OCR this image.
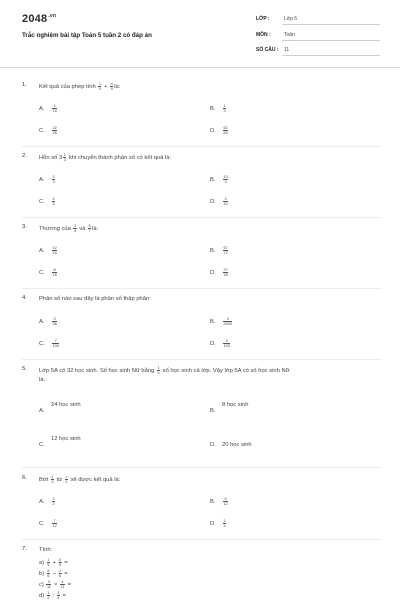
$2048^{.vn}$
Trắc nghiệm bài tập Toán 5 tuần 2 có đáp án
LỚP :	Lớp 5
MÔN :	Toán
SỐ CÂU : 11
1. Kết quả của phép tính $\frac{1}{3} + \frac{4}{9}$ là:
A. $\frac{4}{16}$	B. $\frac{1}{3}$
C. $\frac{22}{26}$	D. $\frac{61}{63}$
2. Hỗn số $3 \frac{1}{3}$ khi chuyển thành phân số có kết quả là:
A. $\frac{3}{3}$	B. $\frac{10}{3}$
C. $\frac{4}{3}$	D. $\frac{3}{10}$
3. Thương của $\frac{3}{4}$ và $\frac{5}{7}$ là:
A. $\frac{12}{15}$	B. $\frac{67}{72}$
C. $\frac{8}{15}$	D. $\frac{27}{35}$
4. Phân số nào sau đây là phân số thập phân:
A. $\frac{3}{36}$	B. $\frac{3}{2000}$
C. $\frac{7}{100}$	D. $\frac{3}{100}$
5. Lớp 5A có 32 học sinh. Số học sinh Nữ bằng $\frac{1}{4}$ số học sinh cả lớp. Vậy lớp 5A có số học sinh Nữ
là:
A.24 học sinh
B.8 học sinh
C.12 học sinh
D. 20 học sinh
6. Bớt $\frac{1}{3}$ từ $\frac{1}{2}$ sẽ được kết quả là:
A. $\frac{3}{2}$	B. $\frac{5}{12}$
C. $\frac{7}{12}$	D. $\frac{1}{4}$
7. Tính:
$a) \frac{1}{5} + \frac{4}{5}$ =
$b) \frac{5}{6} - \frac{1}{6}$ =
$c) \frac{3}{11} \times \frac{4}{11}$ =
$d) \frac{1}{2}$ : $\frac{3}{4}$ =
